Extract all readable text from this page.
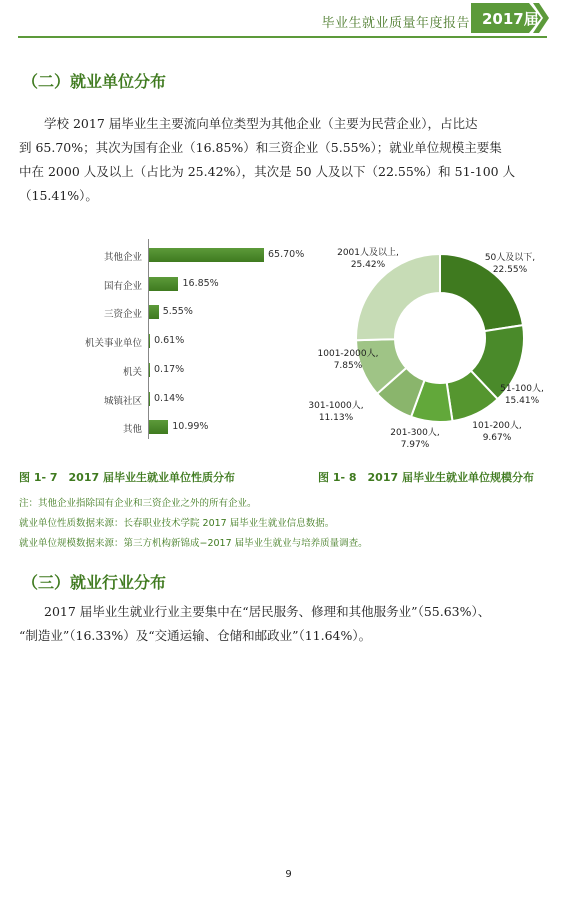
毕业生就业质量年度报告 2017届
（二）就业单位分布

学校 2017 届毕业生主要流向单位类型为其他企业（主要为民营企业），占比达

到 65.70%；其次为国有企业（16.85%）和三资企业（5.55%）；就业单位规模主要集
中在 2000 人及以上（占比为 25.42%），其次是 50 人及以下（22.55%）和 51-100 人
（15.41%）。
其他企业	65.70%
国有企业	16.85%
三资企业 5.55%
机关事业单位 0.61%
机关 0.17%
城镇社区 0.14%
其他	10.99%
50人及以下,
22.55%
51-100人,
15.41%
101-200人,
9.67%
201-300人,
7.97%
1001-2000人,
7.85%
301-1000人,
11.13%
2001人及以上,
25.42%
图 1- 7　2017 届毕业生就业单位性质分布	图 1- 8　2017 届毕业生就业单位规模分布
注：其他企业指除国有企业和三资企业之外的所有企业。
就业单位性质数据来源：长春职业技术学院 2017 届毕业生就业信息数据。
就业单位规模数据来源：第三方机构新锦成−2017 届毕业生就业与培养质量调查。
（三）就业行业分布

2017 届毕业生就业行业主要集中在“居民服务、修理和其他服务业”（55.63%）、

“制造业”（16.33%）及“交通运输、仓储和邮政业”（11.64%）。
9
